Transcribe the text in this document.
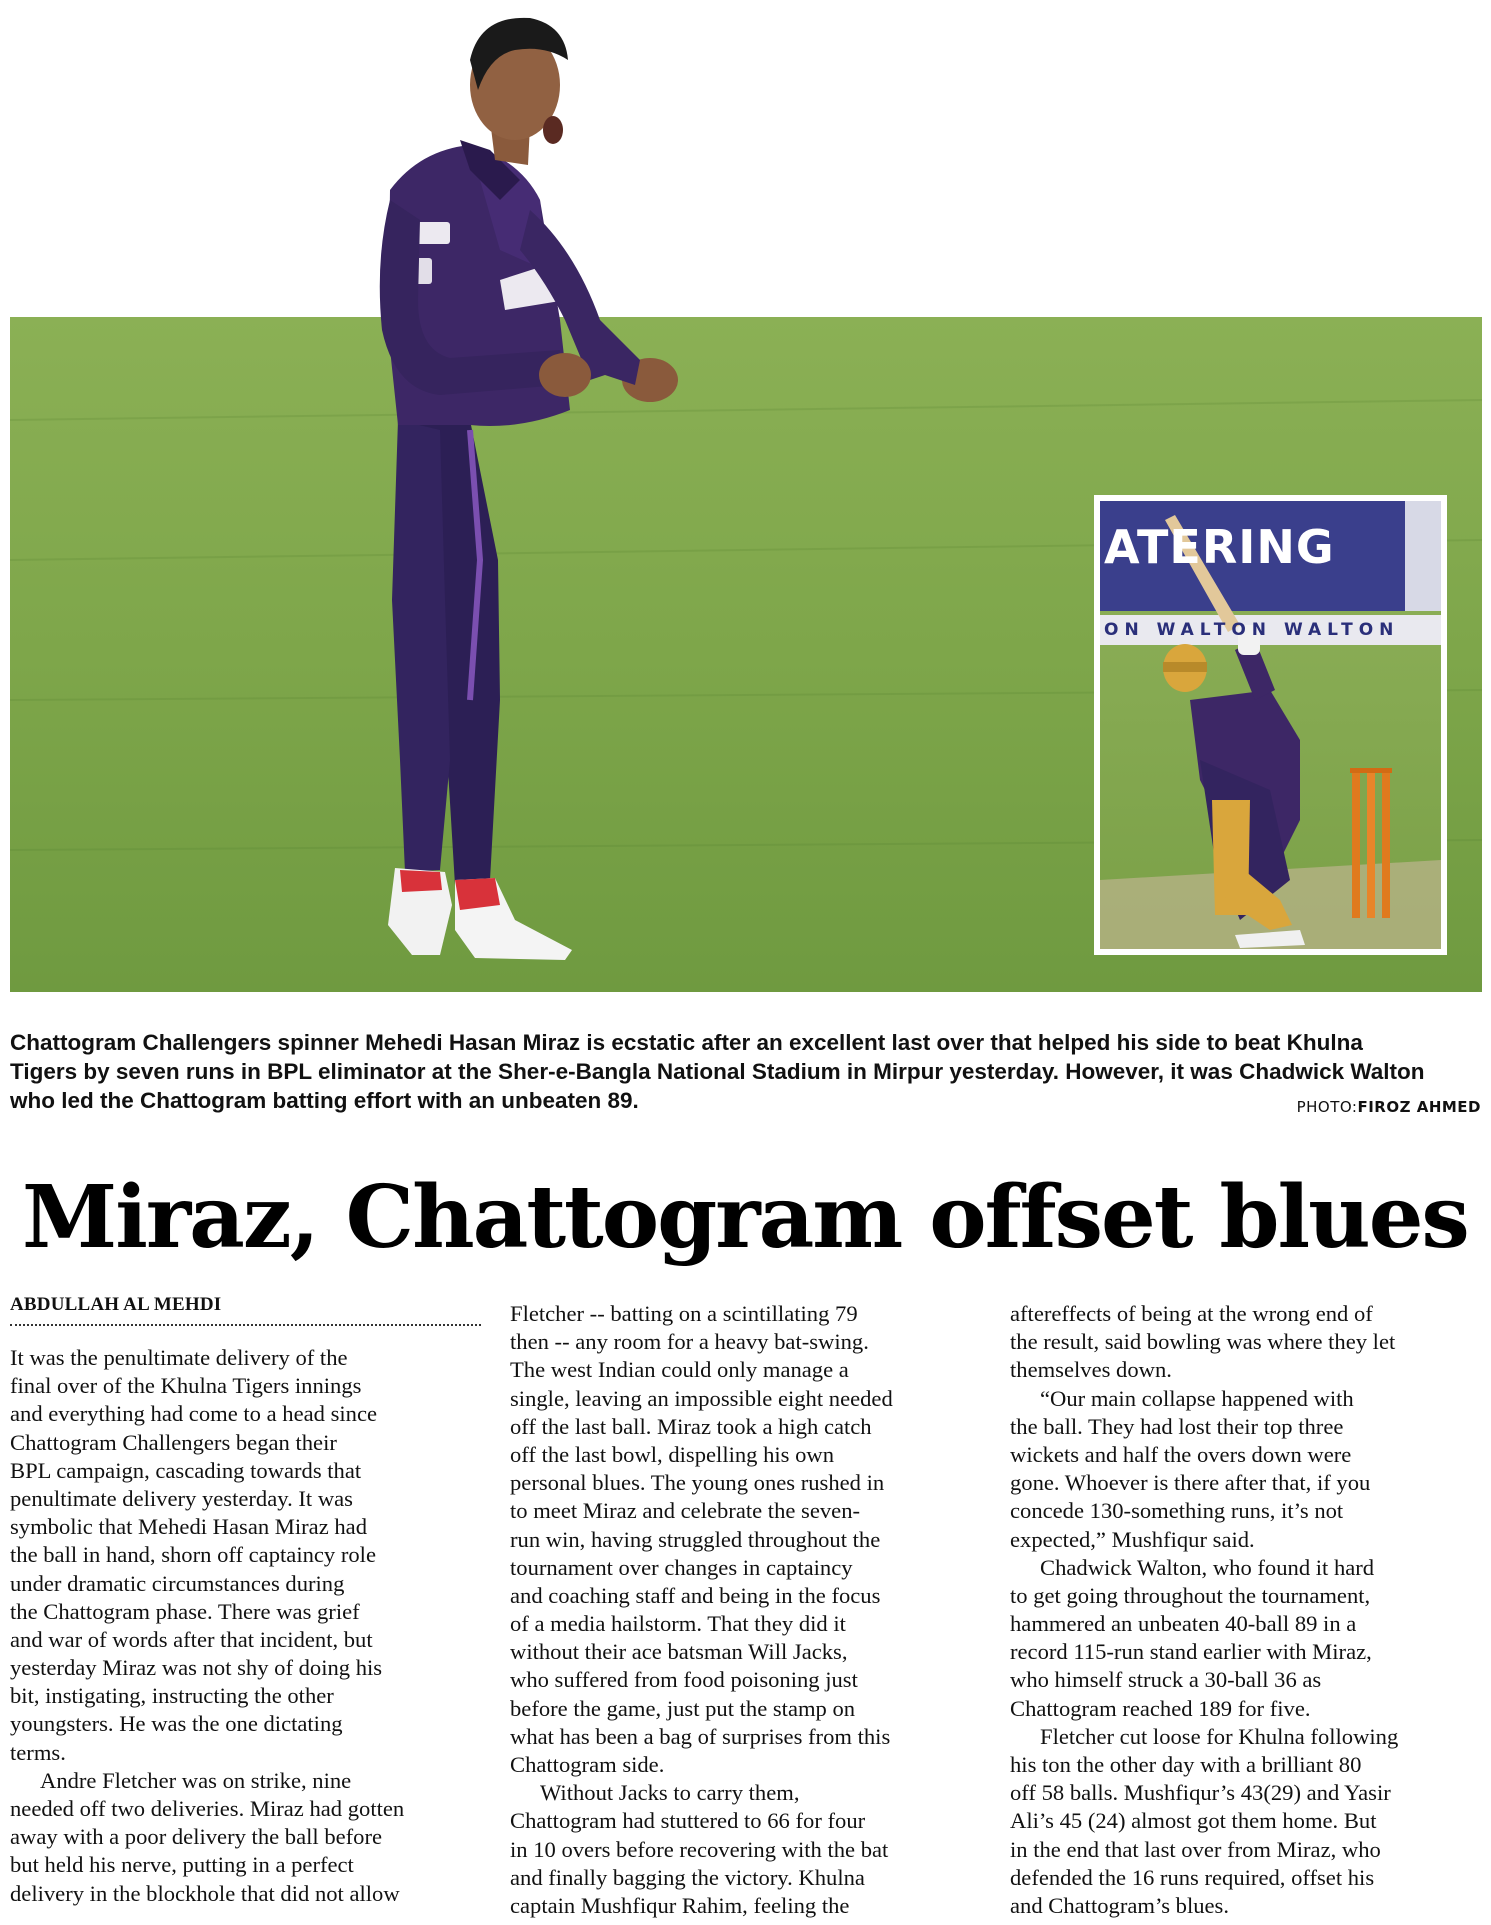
ATERING
ON WALTON WALTON
Chattogram Challengers spinner Mehedi Hasan Miraz is ecstatic after an excellent last over that helped his side to beat Khulna
Tigers by seven runs in BPL eliminator at the Sher-e-Bangla National Stadium in Mirpur yesterday. However, it was Chadwick Walton
who led the Chattogram batting effort with an unbeaten 89.	PHOTO:FIROZ AHMED
Miraz, Chattogram offset blues
ABDULLAH AL MEHDI
It was the penultimate delivery of the
final over of the Khulna Tigers innings
and everything had come to a head since
Chattogram Challengers began their
BPL campaign, cascading towards that
penultimate delivery yesterday. It was
symbolic that Mehedi Hasan Miraz had
the ball in hand, shorn off captaincy role
under dramatic circumstances during
the Chattogram phase. There was grief
and war of words after that incident, but
yesterday Miraz was not shy of doing his
bit, instigating, instructing the other
youngsters. He was the one dictating
terms.
Andre Fletcher was on strike, nine
needed off two deliveries. Miraz had gotten
away with a poor delivery the ball before
but held his nerve, putting in a perfect
delivery in the blockhole that did not allow
Fletcher -- batting on a scintillating 79
then -- any room for a heavy bat-swing.
The west Indian could only manage a
single, leaving an impossible eight needed
off the last ball. Miraz took a high catch
off the last bowl, dispelling his own
personal blues. The young ones rushed in
to meet Miraz and celebrate the seven-
run win, having struggled throughout the
tournament over changes in captaincy
and coaching staff and being in the focus
of a media hailstorm. That they did it
without their ace batsman Will Jacks,
who suffered from food poisoning just
before the game, just put the stamp on
what has been a bag of surprises from this
Chattogram side.
Without Jacks to carry them,
Chattogram had stuttered to 66 for four
in 10 overs before recovering with the bat
and finally bagging the victory. Khulna
captain Mushfiqur Rahim, feeling the
aftereffects of being at the wrong end of
the result, said bowling was where they let
themselves down.
“Our main collapse happened with
the ball. They had lost their top three
wickets and half the overs down were
gone. Whoever is there after that, if you
concede 130-something runs, it’s not
expected,” Mushfiqur said.
Chadwick Walton, who found it hard
to get going throughout the tournament,
hammered an unbeaten 40-ball 89 in a
record 115-run stand earlier with Miraz,
who himself struck a 30-ball 36 as
Chattogram reached 189 for five.
Fletcher cut loose for Khulna following
his ton the other day with a brilliant 80
off 58 balls. Mushfiqur’s 43(29) and Yasir
Ali’s 45 (24) almost got them home. But
in the end that last over from Miraz, who
defended the 16 runs required, offset his
and Chattogram’s blues.
